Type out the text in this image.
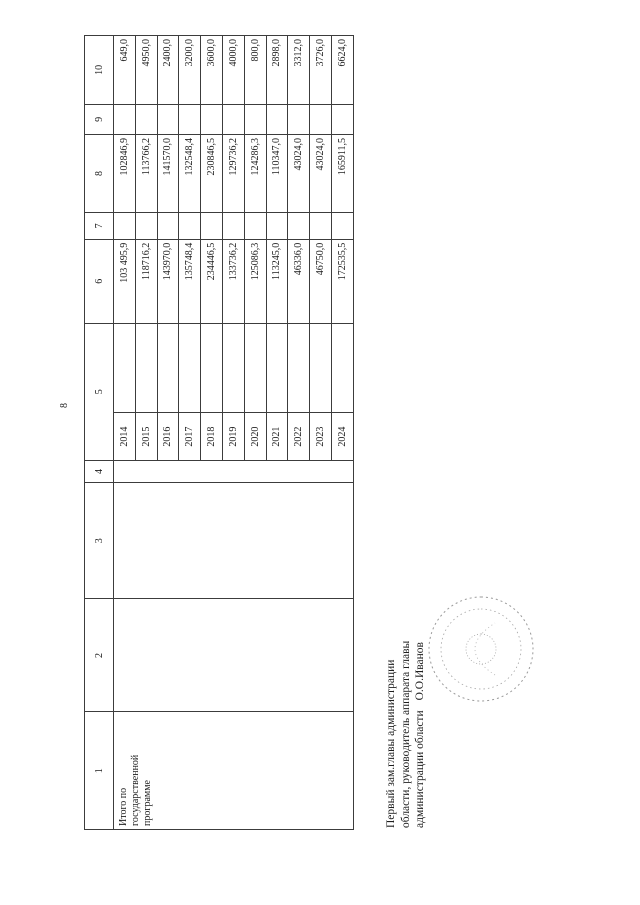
8
1	2	3	4	5		6	7	8	9	10

Итого по государственной программе				2014		103 495,9		102846,9		649,0
				2015		118716,2		113766,2		4950,0
				2016		143970,0		141570,0		2400,0
				2017		135748,4		132548,4		3200,0
				2018		234446,5		230846,5		3600,0
				2019		133736,2		129736,2		4000,0
				2020		125086,3		124286,3		800,0
				2021		113245,0		110347,0		2898,0
				2022		46336,0		43024,0		3312,0
				2023		46750,0		43024,0		3726,0
				2024		172535,5		165911,5		6624,0
Первый зам.главы администрации области, руководитель аппарата главы администрации областиО.О.Иванов
